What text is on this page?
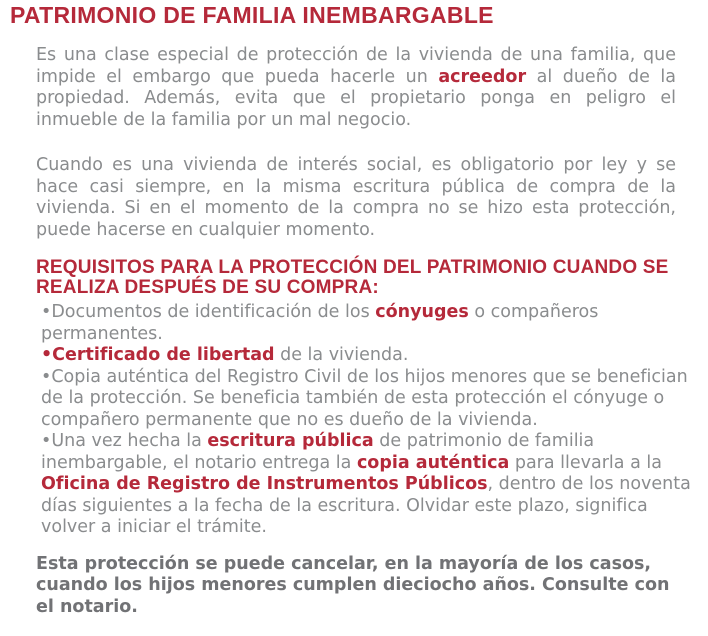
PATRIMONIO DE FAMILIA INEMBARGABLE

Es una clase especial de protección de la vivienda de una familia, que impide el embargo que pueda hacerle un acreedor al dueño de la propiedad. Además, evita que el propietario ponga en peligro el inmueble de la familia por un mal negocio.

Cuando es una vivienda de interés social, es obligatorio por ley y se hace casi siempre, en la misma escritura pública de compra de la vivienda. Si en el momento de la compra no se hizo esta protección, puede hacerse en cualquier momento.

REQUISITOS PARA LA PROTECCIÓN DEL PATRIMONIO CUANDO SE REALIZA DESPUÉS DE SU COMPRA:
•Documentos de identificación de los cónyuges o compañeros permanentes.
•Certificado de libertad de la vivienda.
•Copia auténtica del Registro Civil de los hijos menores que se benefician de la protección. Se beneficia también de esta protección el cónyuge o compañero permanente que no es dueño de la vivienda.
•Una vez hecha la escritura pública de patrimonio de familia inembargable, el notario entrega la copia auténtica para llevarla a la Oficina de Registro de Instrumentos Públicos, dentro de los noventa días siguientes a la fecha de la escritura. Olvidar este plazo, significa volver a iniciar el trámite.

Esta protección se puede cancelar, en la mayoría de los casos, cuando los hijos menores cumplen dieciocho años. Consulte con el notario.
